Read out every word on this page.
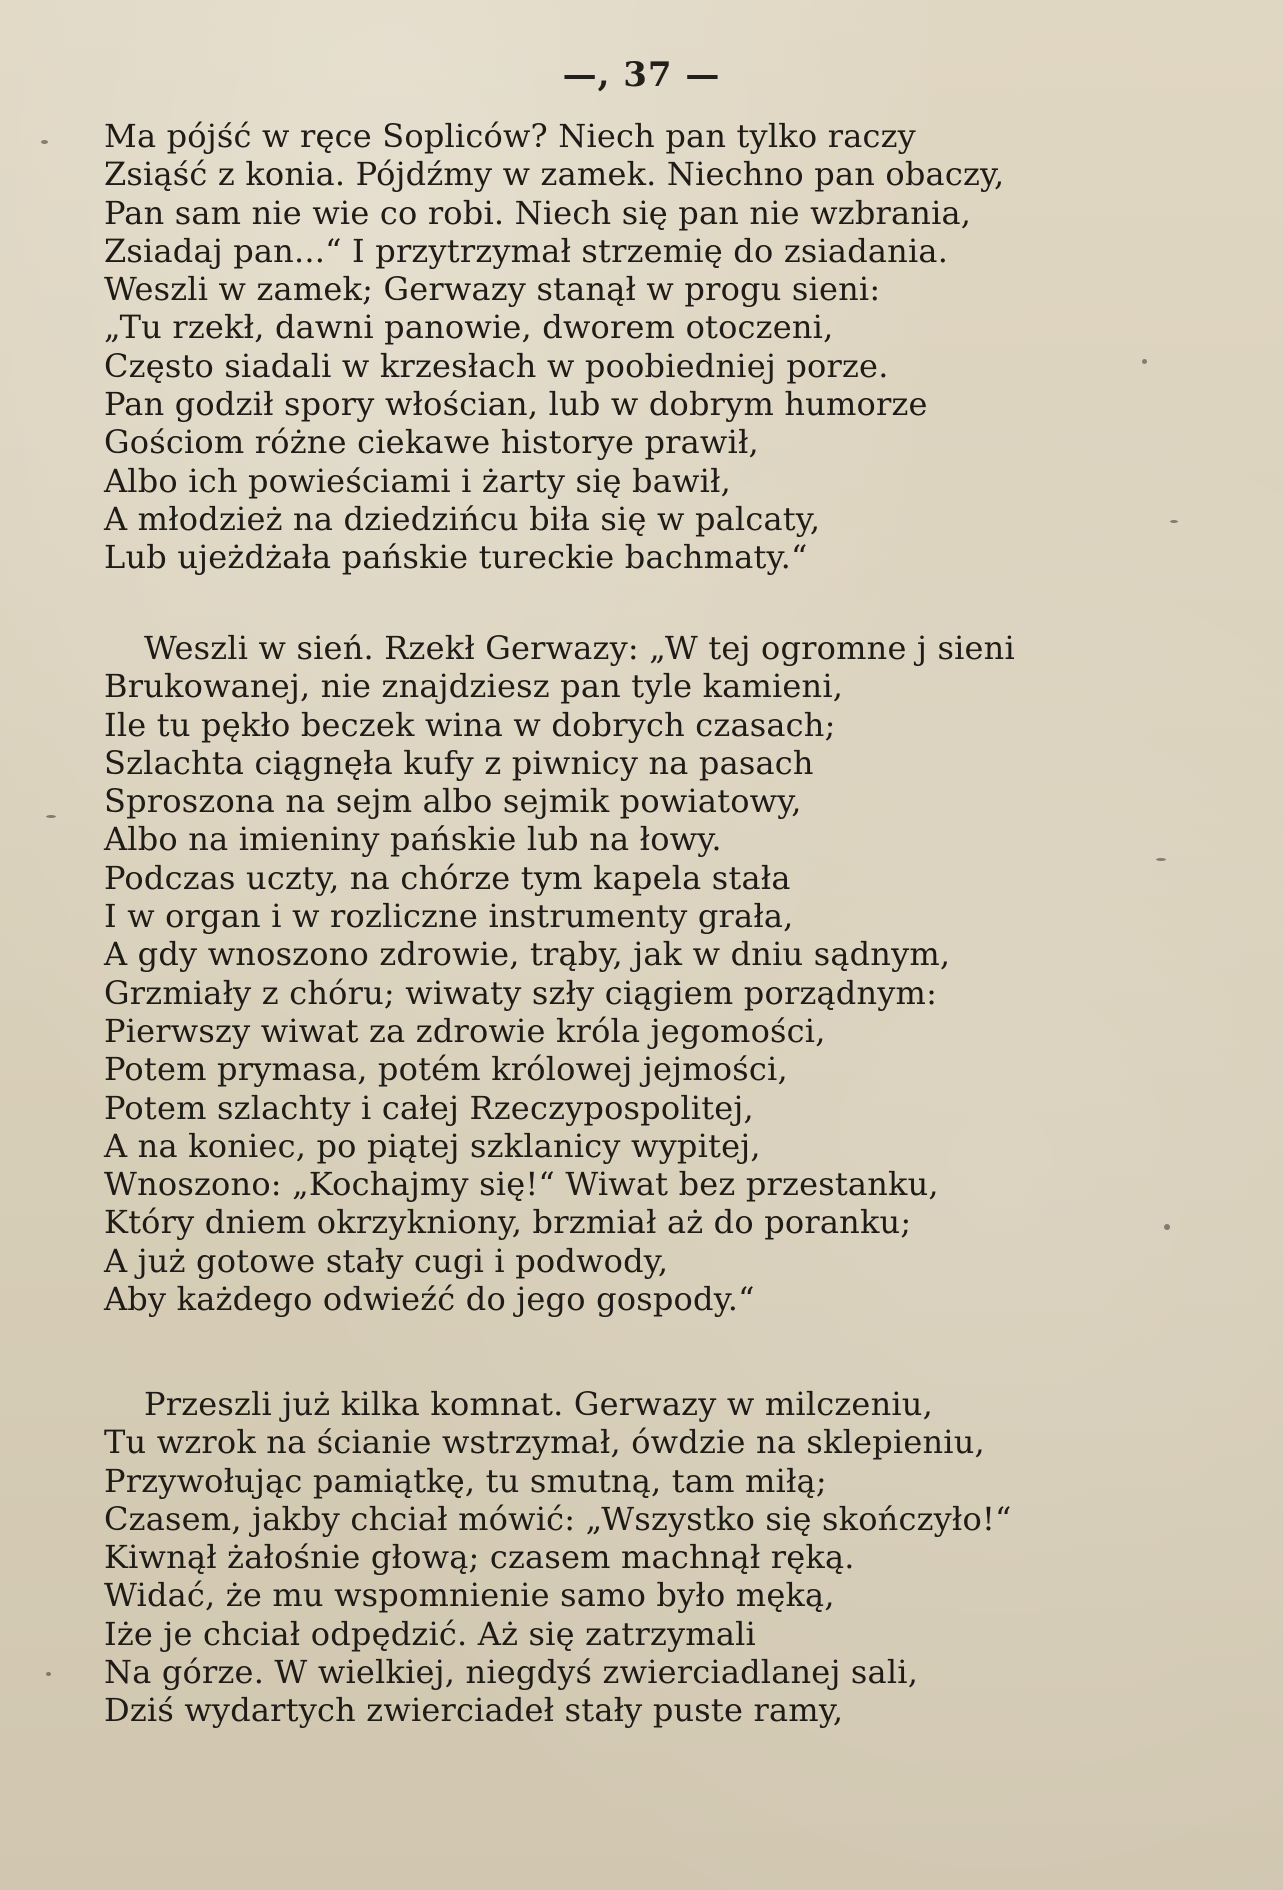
—, 37 —
Ma pójść w ręce Sopliców? Niech pan tylko raczy
Zsiąść z konia. Pójdźmy w zamek. Niechno pan obaczy,
Pan sam nie wie co robi. Niech się pan nie wzbrania,
Zsiadaj pan...“ I przytrzymał strzemię do zsiadania.
Weszli w zamek; Gerwazy stanął w progu sieni:
„Tu rzekł, dawni panowie, dworem otoczeni,
Często siadali w krzesłach w poobiedniej porze.
Pan godził spory włościan, lub w dobrym humorze
Gościom różne ciekawe historye prawił,
Albo ich powieściami i żarty się bawił,
A młodzież na dziedzińcu biła się w palcaty,
Lub ujeżdżała pańskie tureckie bachmaty.“
Weszli w sień. Rzekł Gerwazy: „W tej ogromne j sieni
Brukowanej, nie znajdziesz pan tyle kamieni,
Ile tu pękło beczek wina w dobrych czasach;
Szlachta ciągnęła kufy z piwnicy na pasach
Sproszona na sejm albo sejmik powiatowy,
Albo na imieniny pańskie lub na łowy.
Podczas uczty, na chórze tym kapela stała
I w organ i w rozliczne instrumenty grała,
A gdy wnoszono zdrowie, trąby, jak w dniu sądnym,
Grzmiały z chóru; wiwaty szły ciągiem porządnym:
Pierwszy wiwat za zdrowie króla jegomości,
Potem prymasa, potém królowej jejmości,
Potem szlachty i całej Rzeczypospolitej,
A na koniec, po piątej szklanicy wypitej,
Wnoszono: „Kochajmy się!“ Wiwat bez przestanku,
Który dniem okrzykniony, brzmiał aż do poranku;
A już gotowe stały cugi i podwody,
Aby każdego odwieźć do jego gospody.“
Przeszli już kilka komnat. Gerwazy w milczeniu,
Tu wzrok na ścianie wstrzymał, ówdzie na sklepieniu,
Przywołując pamiątkę, tu smutną, tam miłą;
Czasem, jakby chciał mówić: „Wszystko się skończyło!“
Kiwnął żałośnie głową; czasem machnął ręką.
Widać, że mu wspomnienie samo było męką,
Iże je chciał odpędzić. Aż się zatrzymali
Na górze. W wielkiej, niegdyś zwierciadlanej sali,
Dziś wydartych zwierciadeł stały puste ramy,
